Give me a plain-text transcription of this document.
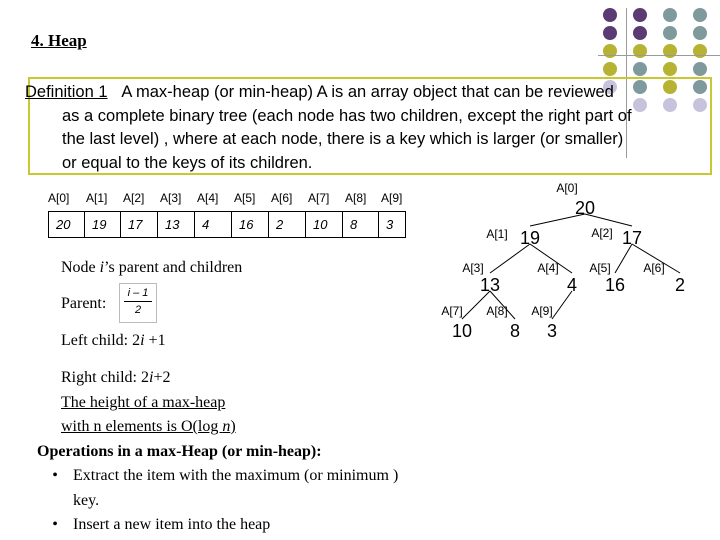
4. Heap
Definition 1 A max-heap (or min-heap) A is an array object that can be reviewed
as a complete binary tree (each node has two children, except the right part of
the last level) , where at each node, there is a key which is larger (or smaller)
or equal to the keys of its children.
A[0] A[1] A[2] A[3] A[4] A[5] A[6] A[7] A[8] A[9]
20	19	17	13	4	16	2	10	8	3
Node i’s parent and children
Parent: $\frac{i - 1}{2}$
Left child: 2i +1
Right child: 2i+2
The height of a max-heap
with n elements is O(log n)
Operations in a max-Heap (or min-heap):
• Extract the item with the maximum (or minimum )
key.
• Insert a new item into the heap
A[0]
20
A[1] 19	A[2] 17
A[3]
13
A[4]
4
A[5]
16
A[6]
2
A[7]
10
A[8]
8
A[9]
3
